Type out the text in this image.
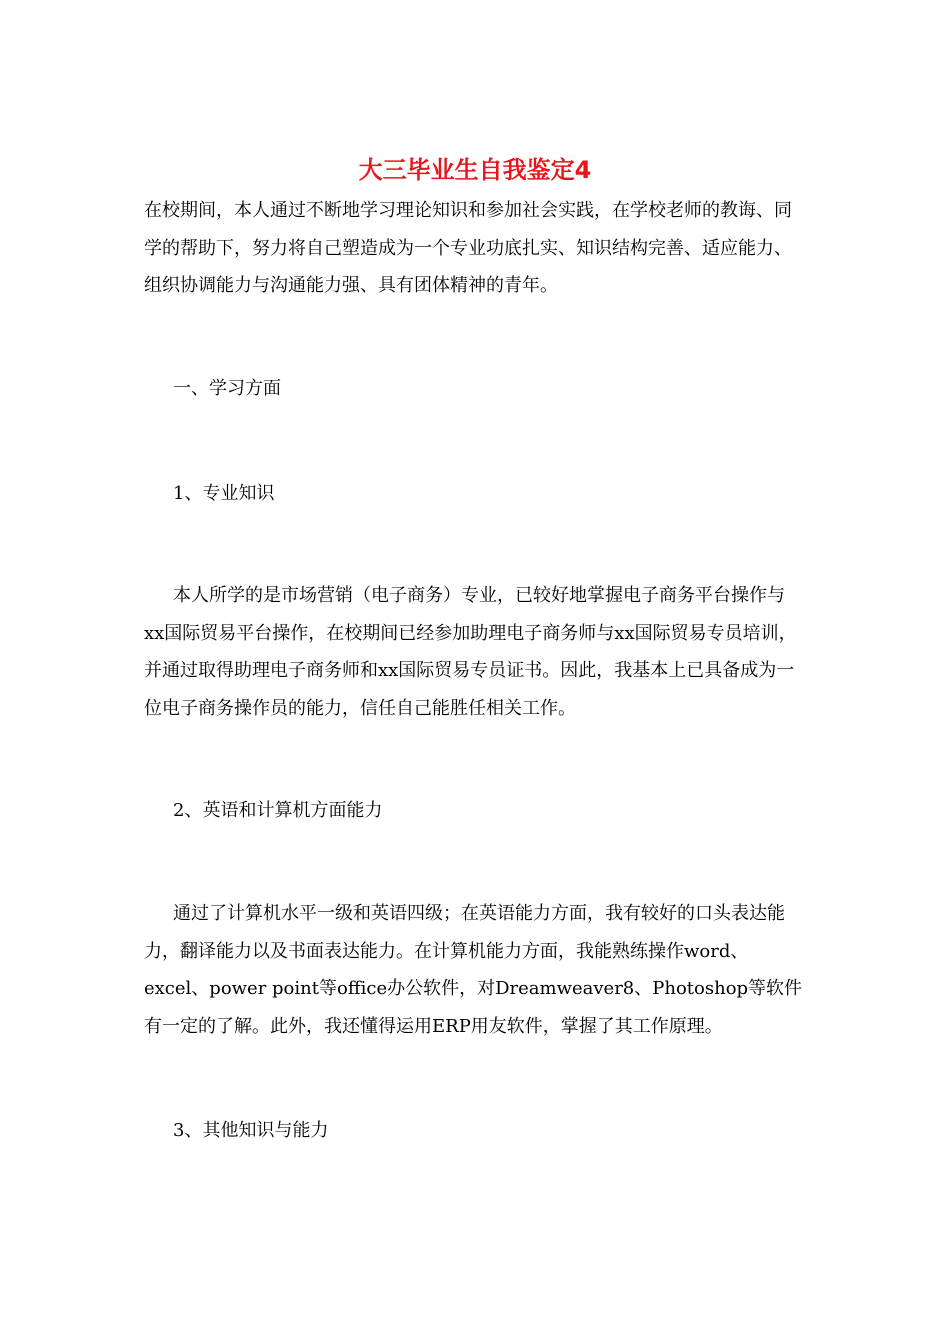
大三毕业生自我鉴定4

在校期间，本人通过不断地学习理论知识和参加社会实践，在学校老师的教诲、同学的帮助下，努力将自己塑造成为一个专业功底扎实、知识结构完善、适应能力、组织协调能力与沟通能力强、具有团体精神的青年。

一、学习方面

1、专业知识

本人所学的是市场营销（电子商务）专业，已较好地掌握电子商务平台操作与xx国际贸易平台操作，在校期间已经参加助理电子商务师与xx国际贸易专员培训，并通过取得助理电子商务师和xx国际贸易专员证书。因此，我基本上已具备成为一位电子商务操作员的能力，信任自己能胜任相关工作。

2、英语和计算机方面能力

通过了计算机水平一级和英语四级；在英语能力方面，我有较好的口头表达能力，翻译能力以及书面表达能力。在计算机能力方面，我能熟练操作word、excel、power point等office办公软件，对Dreamweaver8、Photoshop等软件有一定的了解。此外，我还懂得运用ERP用友软件，掌握了其工作原理。

3、其他知识与能力
